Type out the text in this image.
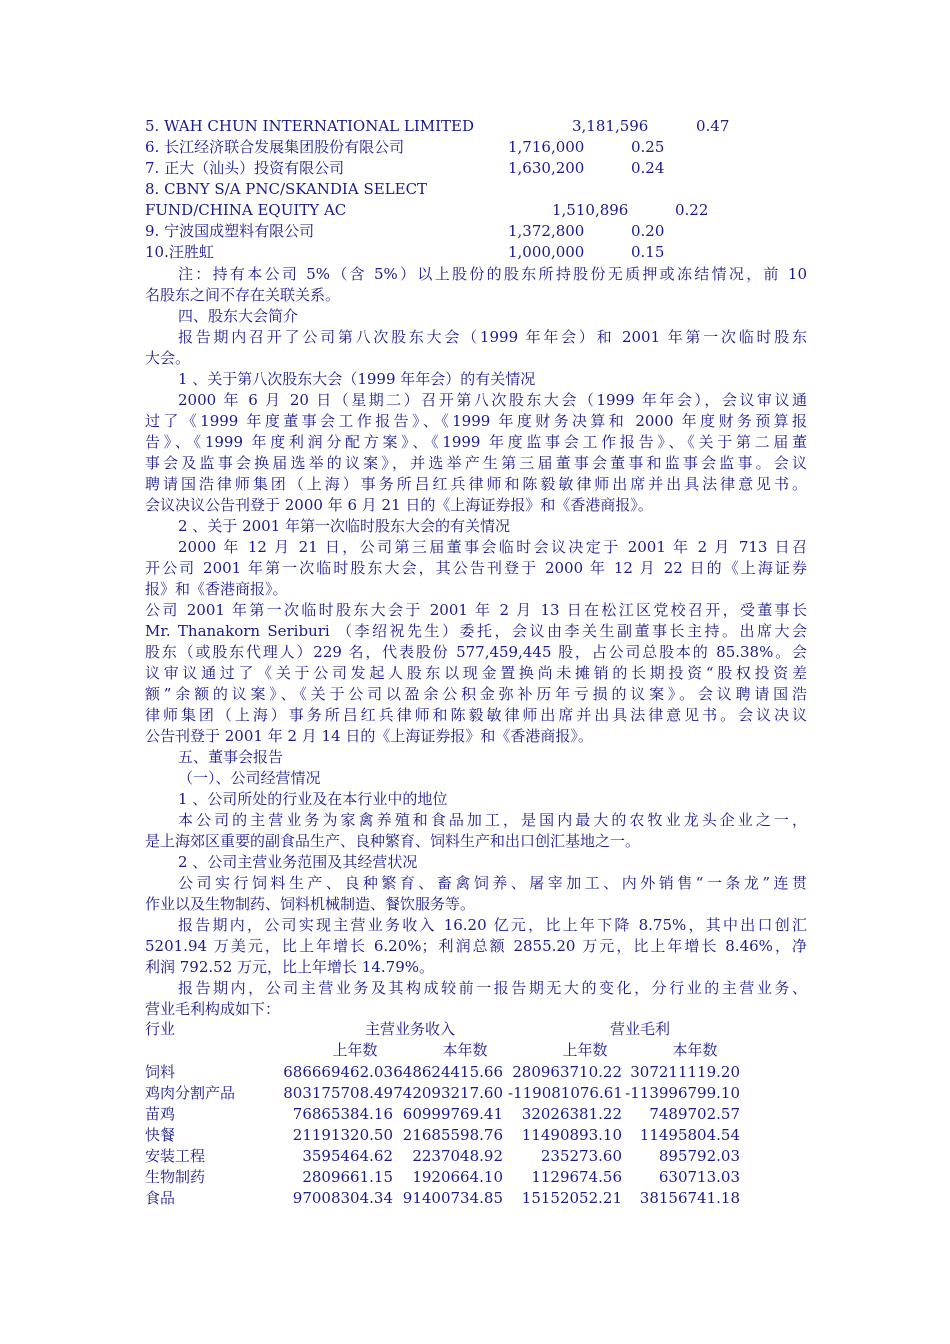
5. WAH CHUN INTERNATIONAL LIMITED	3,181,596	0.47
6. 长江经济联合发展集团股份有限公司	1,716,000	0.25
7. 正大（汕头）投资有限公司	1,630,200	0.24
8. CBNY S/A PNC/SKANDIA SELECT
FUND/CHINA EQUITY AC	1,510,896	0.22
9. 宁波国成塑料有限公司	1,372,800	0.20
10.汪胜虹	1,000,000	0.15
注：持有本公司 5%（含 5%）以上股份的股东所持股份无质押或冻结情况，前 10
名股东之间不存在关联关系。
四、股东大会简介
报告期内召开了公司第八次股东大会（1999 年年会）和 2001 年第一次临时股东
大会。
1 、关于第八次股东大会（1999 年年会）的有关情况
2000 年 6 月 20 日（星期二）召开第八次股东大会（1999 年年会），会议审议通
过了《1999 年度董事会工作报告》、《1999 年度财务决算和 2000 年度财务预算报
告》、《1999 年度利润分配方案》、《1999 年度监事会工作报告》、《关于第二届董
事会及监事会换届选举的议案》，并选举产生第三届董事会董事和监事会监事。会议
聘请国浩律师集团（上海）事务所吕红兵律师和陈毅敏律师出席并出具法律意见书。
会议决议公告刊登于 2000 年 6 月 21 日的《上海证券报》和《香港商报》。
2 、关于 2001 年第一次临时股东大会的有关情况
2000 年 12 月 21 日，公司第三届董事会临时会议决定于 2001 年 2 月 713 日召
开公司 2001 年第一次临时股东大会，其公告刊登于 2000 年 12 月 22 日的《上海证券
报》和《香港商报》。
公司 2001 年第一次临时股东大会于 2001 年 2 月 13 日在松江区党校召开，受董事长
Mr. Thanakorn Seriburi （李绍祝先生）委托，会议由李关生副董事长主持。出席大会
股东（或股东代理人）229 名，代表股份 577,459,445 股，占公司总股本的 85.38%。会
议审议通过了《关于公司发起人股东以现金置换尚未摊销的长期投资“股权投资差
额”余额的议案》、《关于公司以盈余公积金弥补历年亏损的议案》。会议聘请国浩
律师集团（上海）事务所吕红兵律师和陈毅敏律师出席并出具法律意见书。会议决议
公告刊登于 2001 年 2 月 14 日的《上海证券报》和《香港商报》。
五、董事会报告
（一）、公司经营情况
1 、公司所处的行业及在本行业中的地位
本公司的主营业务为家禽养殖和食品加工，是国内最大的农牧业龙头企业之一，
是上海郊区重要的副食品生产、良种繁育、饲料生产和出口创汇基地之一。
2 、公司主营业务范围及其经营状况
公司实行饲料生产、良种繁育、畜禽饲养、屠宰加工、内外销售“一条龙”连贯
作业以及生物制药、饲料机械制造、餐饮服务等。
报告期内，公司实现主营业务收入 16.20 亿元，比上年下降 8.75%，其中出口创汇
5201.94 万美元，比上年增长 6.20%；利润总额 2855.20 万元，比上年增长 8.46%，净
利润 792.52 万元，比上年增长 14.79%。
报告期内，公司主营业务及其构成较前一报告期无大的变化，分行业的主营业务、
营业毛利构成如下：
行业	主营业务收入	营业毛利
上年数	本年数	上年数	本年数
饲料	686669462.03 648624415.66 280963710.22 307211119.20
鸡肉分割产品	803175708.49 742093217.60 -119081076.61 -113996799.10
苗鸡	76865384.16 60999769.41	32026381.22	7489702.57
快餐	21191320.50 21685598.76	11490893.10	11495804.54
安装工程	3595464.62	2237048.92	235273.60	895792.03
生物制药	2809661.15	1920664.10	1129674.56	630713.03
食品	97008304.34 91400734.85	15152052.21	38156741.18
